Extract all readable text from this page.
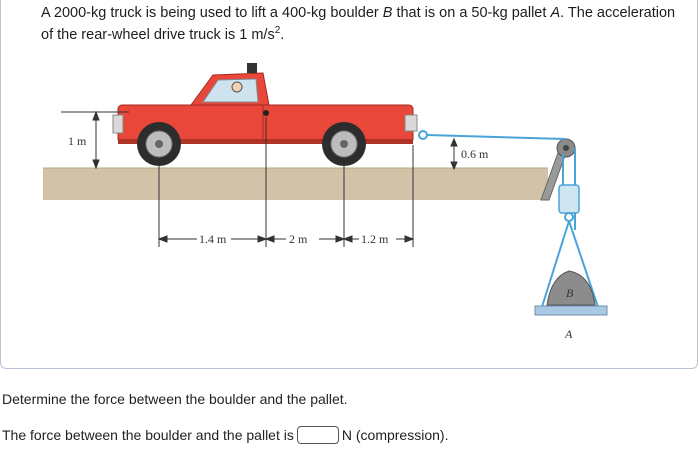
A 2000-kg truck is being used to lift a 400-kg boulder B that is on a 50-kg pallet A. The acceleration of the rear-wheel drive truck is 1 $m/s^2$.
B
A
1 m
0.6 m
1.4 m	2 m	1.2 m
Determine the force between the boulder and the pallet.
The force between the boulder and the pallet is	N (compression).
